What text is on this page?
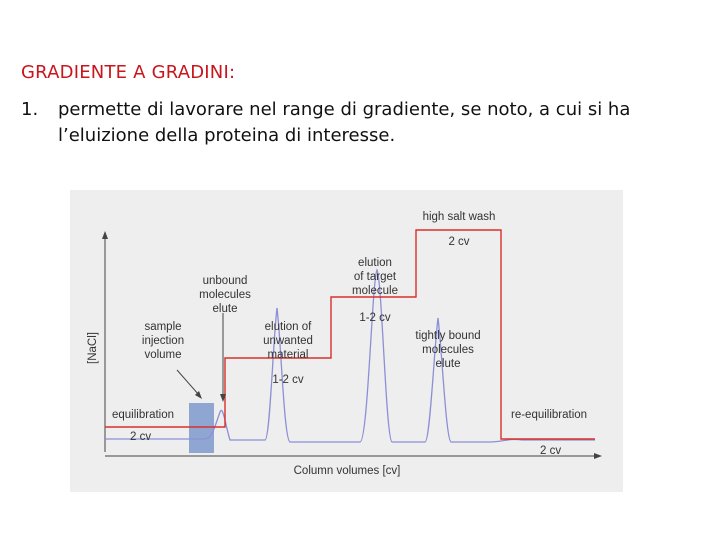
GRADIENTE A GRADINI:
1. permette di lavorare nel range di gradiente, se noto, a cui si ha l’eluizione della proteina di interesse.
[NaCl]
Column volumes [cv]
high salt wash
2 cv
elution
of target
molecule
1-2 cv
unbound
molecules
elute
sample
injection
volume
elution of
unwanted
material
1-2 cv
tightly bound
molecules
elute
equilibration
2 cv
re-equilibration
2 cv
